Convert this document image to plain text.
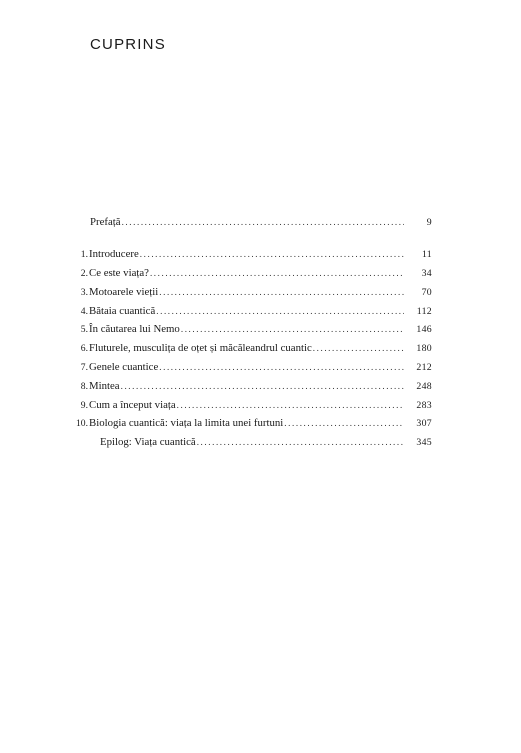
CUPRINS
Prefață .....	9
1. Introducere .....	11
2. Ce este viața? .....	34
3. Motoarele vieții .....	70
4. Bătaia cuantică .....	112
5. În căutarea lui Nemo .....	146
6. Fluturele, musculița de oțet și măcăleandrul cuantic .....	180
7. Genele cuantice .....	212
8. Mintea .....	248
9. Cum a început viața .....	283
10. Biologia cuantică: viața la limita unei furtuni .....	307
Epilog: Viața cuantică .....	345
